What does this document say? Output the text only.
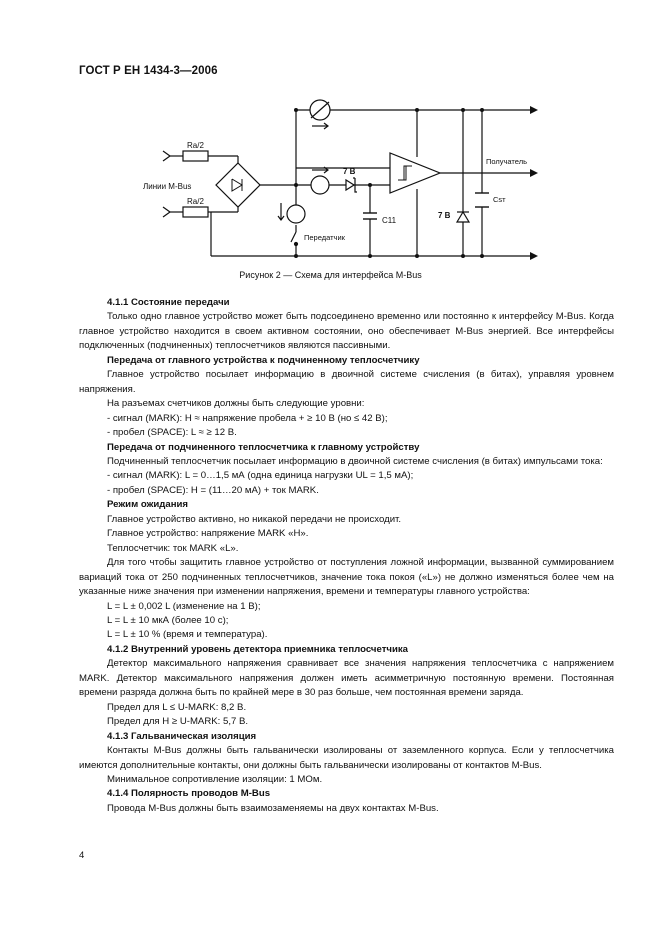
ГОСТ Р ЕН 1434-3—2006
Ra/2
Ra/2
Линии M-Bus
7 В
C11
Передатчик
7 В
Получатель
Сsт
Рисунок 2 — Схема для интерфейса M-Bus

4.1.1 Состояние передачи

Только одно главное устройство может быть подсоединено временно или постоянно к интерфейсу M-Bus. Когда главное устройство находится в своем активном состоянии, оно обеспечивает M-Bus энергией. Все интерфейсы подключенных (подчиненных) теплосчетчиков являются пассивными.

Передача от главного устройства к подчиненному теплосчетчику

Главное устройство посылает информацию в двоичной системе счисления (в битах), управляя уровнем напряжения.

На разъемах счетчиков должны быть следующие уровни:

- сигнал (MARK): H ≈ напряжение пробела + ≥ 10 В (но ≤ 42 В);

- пробел (SPACE): L ≈ ≥ 12 В.

Передача от подчиненного теплосчетчика к главному устройству

Подчиненный теплосчетчик посылает информацию в двоичной системе счисления (в битах) импульсами тока:

- сигнал (MARK): L = 0…1,5 мА (одна единица нагрузки UL = 1,5 мА);

- пробел (SPACE): H = (11…20 мА) + ток MARK.

Режим ожидания

Главное устройство активно, но никакой передачи не происходит.

Главное устройство: напряжение MARK «H».

Теплосчетчик: ток MARK «L».

Для того чтобы защитить главное устройство от поступления ложной информации, вызванной суммированием вариаций тока от 250 подчиненных теплосчетчиков, значение тока покоя («L») не должно изменяться более чем на указанные ниже значения при изменении напряжения, времени и температуры главного устройства:

L = L ± 0,002 L (изменение на 1 В);

L = L ± 10 мкА (более 10 с);

L = L ± 10 % (время и температура).

4.1.2 Внутренний уровень детектора приемника теплосчетчика

Детектор максимального напряжения сравнивает все значения напряжения теплосчетчика с напряжением MARK. Детектор максимального напряжения должен иметь асимметричную постоянную времени. Постоянная времени разряда должна быть по крайней мере в 30 раз больше, чем постоянная времени заряда.

Предел для L ≤ U-MARK: 8,2 В.

Предел для H ≥ U-MARK: 5,7 В.

4.1.3 Гальваническая изоляция

Контакты M-Bus должны быть гальванически изолированы от заземленного корпуса. Если у теплосчетчика имеются дополнительные контакты, они должны быть гальванически изолированы от контактов M-Bus.

Минимальное сопротивление изоляции: 1 МОм.

4.1.4 Полярность проводов M-Bus

Провода M-Bus должны быть взаимозаменяемы на двух контактах M-Bus.

4
